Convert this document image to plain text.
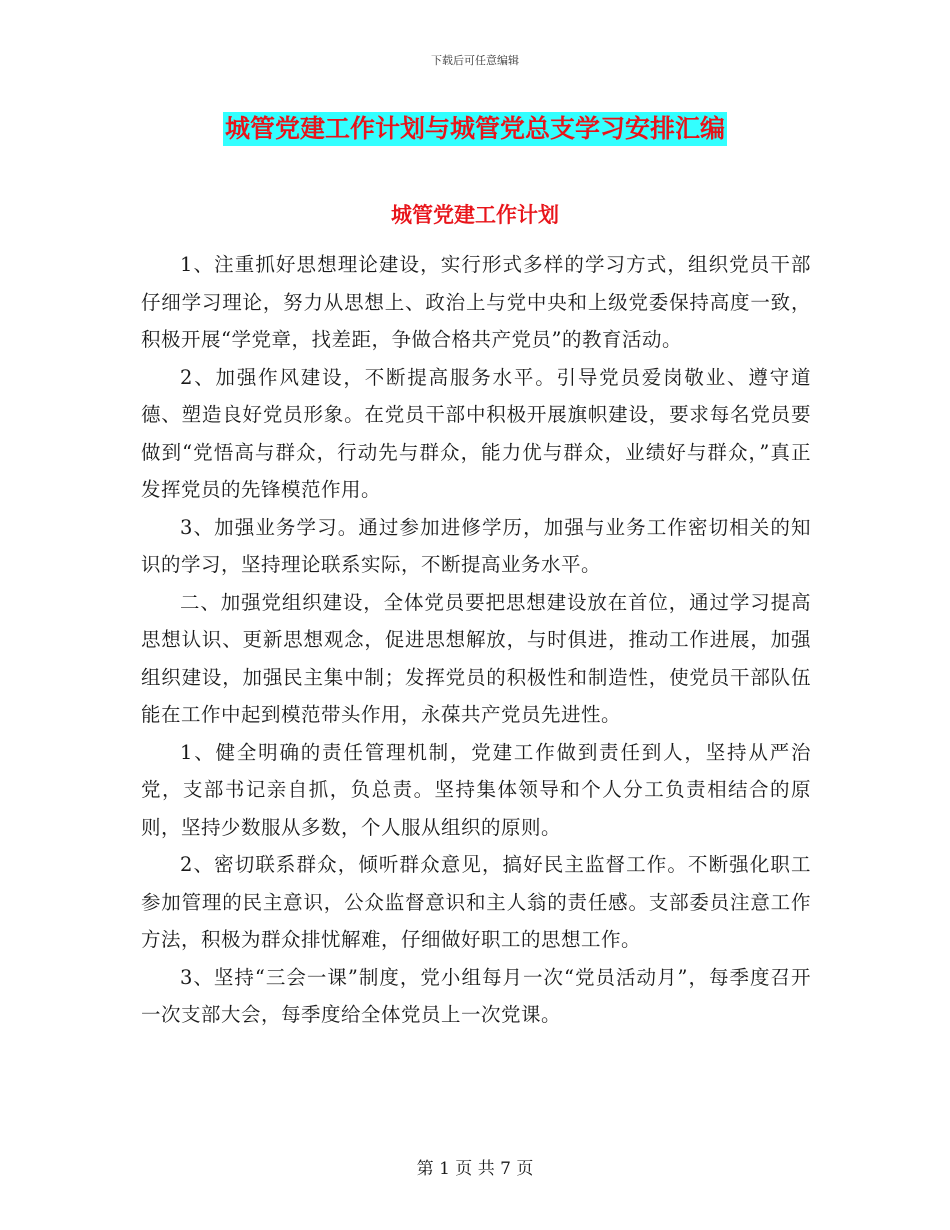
下载后可任意编辑
城管党建工作计划与城管党总支学习安排汇编
城管党建工作计划

1、注重抓好思想理论建设，实行形式多样的学习方式，组织党员干部仔细学习理论，努力从思想上、政治上与党中央和上级党委保持高度一致，积极开展“学党章，找差距，争做合格共产党员”的教育活动。

2、加强作风建设，不断提高服务水平。引导党员爱岗敬业、遵守道德、塑造良好党员形象。在党员干部中积极开展旗帜建设，要求每名党员要做到“党悟高与群众，行动先与群众，能力优与群众，业绩好与群众，”真正发挥党员的先锋模范作用。

3、加强业务学习。通过参加进修学历，加强与业务工作密切相关的知识的学习，坚持理论联系实际，不断提高业务水平。

二、加强党组织建设，全体党员要把思想建设放在首位，通过学习提高思想认识、更新思想观念，促进思想解放，与时俱进，推动工作进展，加强组织建设，加强民主集中制；发挥党员的积极性和制造性，使党员干部队伍能在工作中起到模范带头作用，永葆共产党员先进性。

1、健全明确的责任管理机制，党建工作做到责任到人，坚持从严治党，支部书记亲自抓，负总责。坚持集体领导和个人分工负责相结合的原则，坚持少数服从多数，个人服从组织的原则。

2、密切联系群众，倾听群众意见，搞好民主监督工作。不断强化职工参加管理的民主意识，公众监督意识和主人翁的责任感。支部委员注意工作方法，积极为群众排忧解难，仔细做好职工的思想工作。

3、坚持“三会一课”制度，党小组每月一次“党员活动月”，每季度召开一次支部大会，每季度给全体党员上一次党课。

第 1 页 共 7 页
